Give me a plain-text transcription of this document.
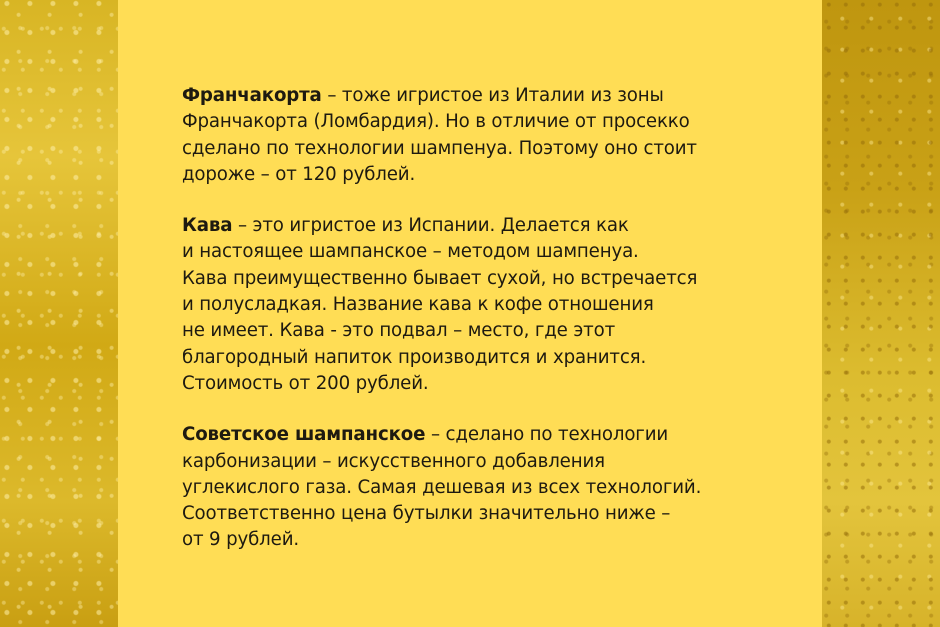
Франчакорта – тоже игристое из Италии из зоны
Франчакорта (Ломбардия). Но в отличие от просекко
сделано по технологии шампенуа. Поэтому оно стоит
дороже – от 120 рублей.

Кава – это игристое из Испании. Делается как
и настоящее шампанское – методом шампенуа.
Кава преимущественно бывает сухой, но встречается
и полусладкая. Название кава к кофе отношения
не имеет. Кава - это подвал – место, где этот
благородный напиток производится и хранится.
Стоимость от 200 рублей.

Советское шампанское – сделано по технологии
карбонизации – искусственного добавления
углекислого газа. Самая дешевая из всех технологий.
Соответственно цена бутылки значительно ниже –
от 9 рублей.
